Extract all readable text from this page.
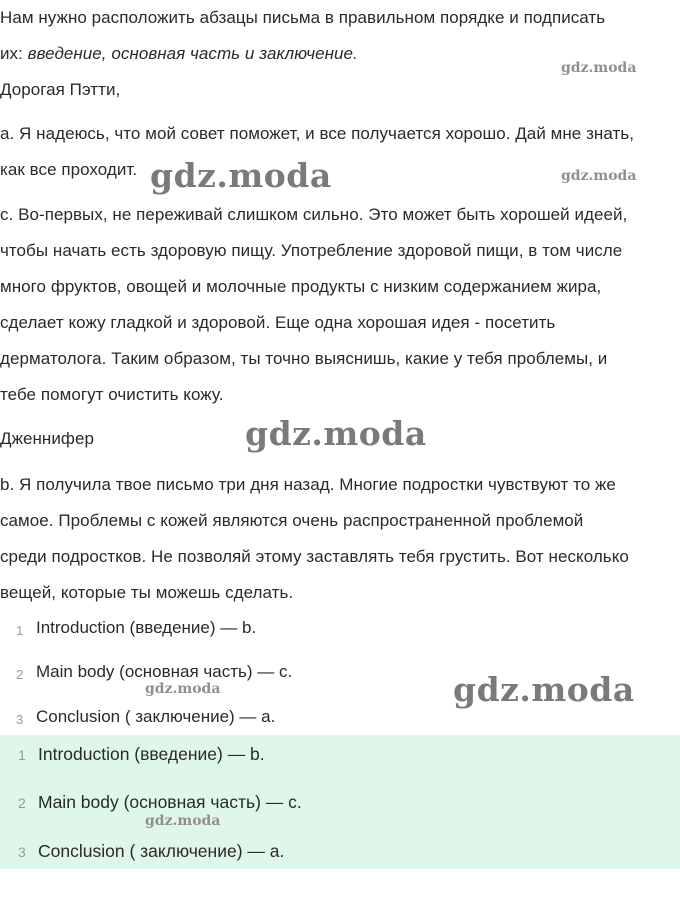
Нам нужно расположить абзацы письма в правильном порядке и подписать
их: введение, основная часть и заключение.
gdz.moda
Дорогая Пэтти,
a. Я надеюсь, что мой совет поможет, и все получается хорошо. Дай мне знать,
как все проходит. gdz.moda	gdz.moda
c. Во-первых, не переживай слишком сильно. Это может быть хорошей идеей,
чтобы начать есть здоровую пищу. Употребление здоровой пищи, в том числе
много фруктов, овощей и молочные продукты с низким содержанием жира,
сделает кожу гладкой и здоровой. Еще одна хорошая идея - посетить
дерматолога. Таким образом, ты точно выяснишь, какие у тебя проблемы, и
тебе помогут очистить кожу.
Дженнифер	gdz.moda
b. Я получила твое письмо три дня назад. Многие подростки чувствуют то же
самое. Проблемы с кожей являются очень распространенной проблемой
среди подростков. Не позволяй этому заставлять тебя грустить. Вот несколько
вещей, которые ты можешь сделать.
1 Introduction (введение) — b.
2 Main body (основная часть) — c.
gdz.moda	gdz.moda
3 Conclusion ( заключение) — a.
1 Introduction (введение) — b.
2 Main body (основная часть) — c.
gdz.moda
3 Conclusion ( заключение) — a.
